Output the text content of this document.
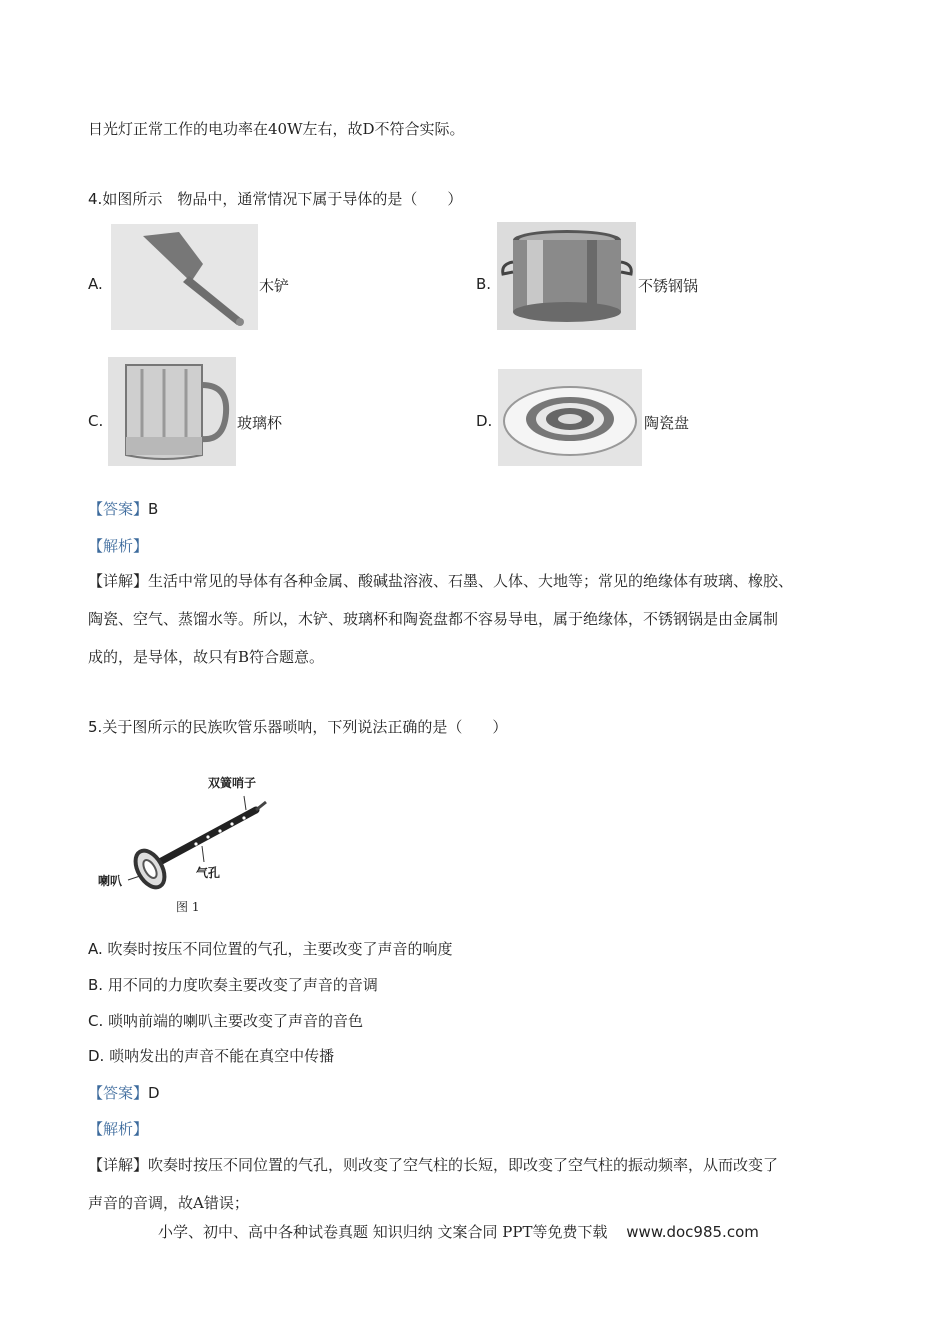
日光灯正常工作的电功率在40W左右，故D不符合实际。
4.如图所示　物品中，通常情况下属于导体的是（　　）
A.	木铲	B.	不锈钢锅
C.	玻璃杯	D.	陶瓷盘
【答案】B
【解析】
【详解】生活中常见的导体有各种金属、酸碱盐溶液、石墨、人体、大地等；常见的绝缘体有玻璃、橡胶、
陶瓷、空气、蒸馏水等。所以，木铲、玻璃杯和陶瓷盘都不容易导电，属于绝缘体，不锈钢锅是由金属制
成的，是导体，故只有B符合题意。
5.关于图所示的民族吹管乐器唢呐，下列说法正确的是（　　）
双簧哨子
气孔
喇叭
图 1
A. 吹奏时按压不同位置的气孔，主要改变了声音的响度
B. 用不同的力度吹奏主要改变了声音的音调
C. 唢呐前端的喇叭主要改变了声音的音色
D. 唢呐发出的声音不能在真空中传播
【答案】D
【解析】
【详解】吹奏时按压不同位置的气孔，则改变了空气柱的长短，即改变了空气柱的振动频率，从而改变了
声音的音调，故A错误；
小学、初中、高中各种试卷真题 知识归纳 文案合同 PPT等免费下载 www.doc985.com
